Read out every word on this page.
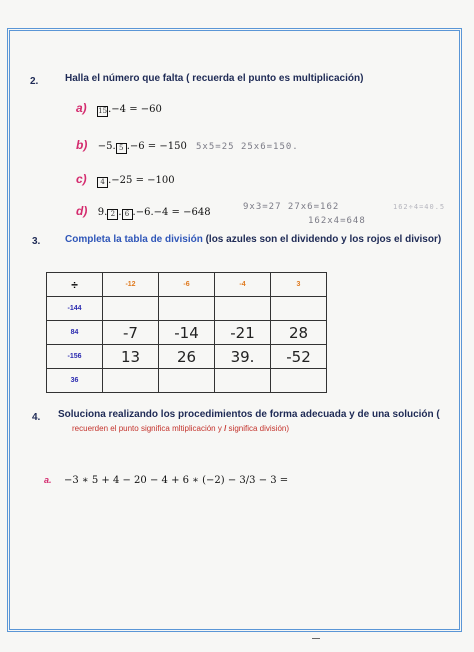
2.	Halla el número que falta ( recuerda el punto es multiplicación)
a) 15.−4 = −60
b) −5. 5 .−6 = −150 5x5=25 25x6=150.
c) 4 .−25 = −100
d) 9. 2 . 6 .−6.−4 = −648	9x3=27 27x6=162	162÷4=40.5
162x4=648
3. Completa la tabla de división (los azules son el dividendo y los rojos el divisor)
÷	-12	-6	-4	3
-144				
84	-7	-14	-21	28
-156	13	26	39.	-52
36				
4. Soluciona realizando los procedimientos de forma adecuada y de una solución (
recuerden el punto significa mltiplicación y / significa división)
a. −3 ∗ 5 + 4 − 20 − 4 + 6 ∗ (−2) − 3/3 − 3 =
